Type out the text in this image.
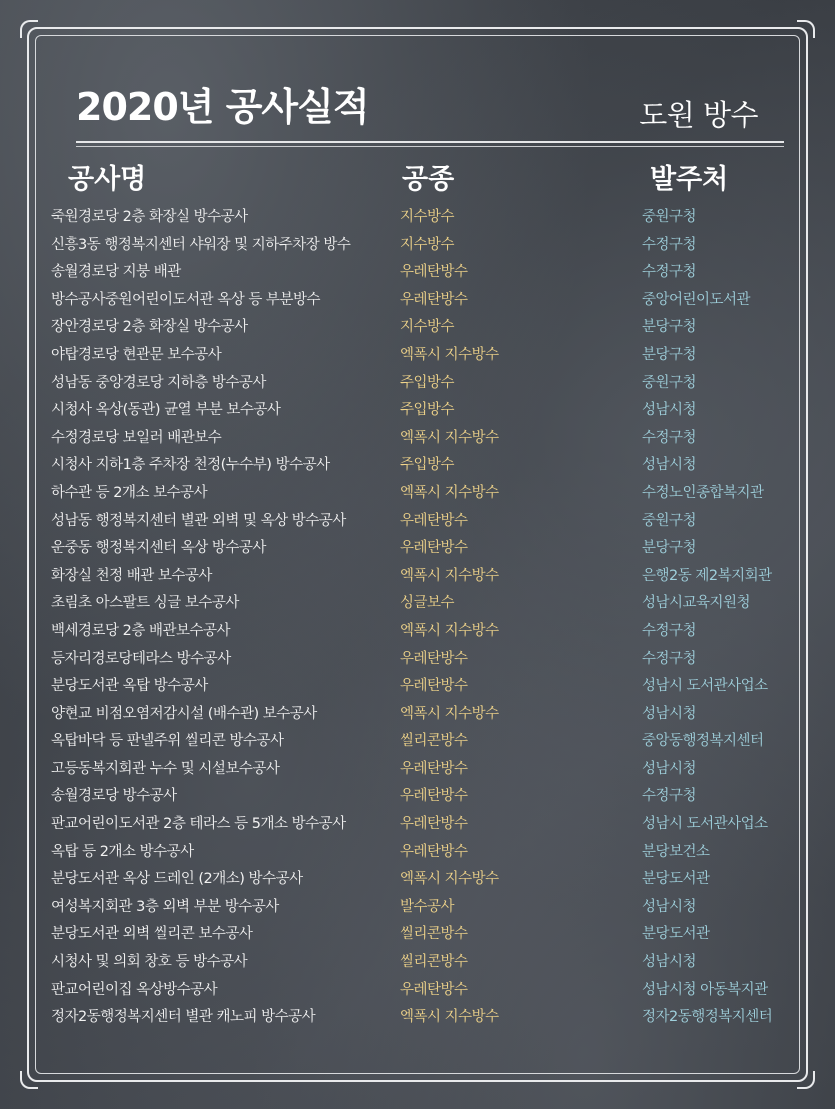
2020년 공사실적	도원 방수
공사명	공종	발주처
죽원경로당 2층 화장실 방수공사	지수방수	중원구청
신흥3동 행정복지센터 샤워장 및 지하주차장 방수	지수방수	수정구청
송월경로당 지붕 배관	우레탄방수	수정구청
방수공사중원어린이도서관 옥상 등 부분방수	우레탄방수	중앙어린이도서관
장안경로당 2층 화장실 방수공사	지수방수	분당구청
야탑경로당 현관문 보수공사	엑폭시 지수방수	분당구청
성남동 중앙경로당 지하층 방수공사	주입방수	중원구청
시청사 옥상(동관) 균열 부분 보수공사	주입방수	성남시청
수정경로당 보일러 배관보수	엑폭시 지수방수	수정구청
시청사 지하1층 주차장 천정(누수부) 방수공사	주입방수	성남시청
하수관 등 2개소 보수공사	엑폭시 지수방수	수정노인종합복지관
성남동 행정복지센터 별관 외벽 및 옥상 방수공사	우레탄방수	중원구청
운중동 행정복지센터 옥상 방수공사	우레탄방수	분당구청
화장실 천정 배관 보수공사	엑폭시 지수방수	은행2동 제2복지회관
초림초 아스팔트 싱글 보수공사	싱글보수	성남시교육지원청
백세경로당 2층 배관보수공사	엑폭시 지수방수	수정구청
등자리경로당테라스 방수공사	우레탄방수	수정구청
분당도서관 옥탑 방수공사	우레탄방수	성남시 도서관사업소
양현교 비점오염저감시설 (배수관) 보수공사	엑폭시 지수방수	성남시청
옥탑바닥 등 판넬주위 씰리콘 방수공사	씰리콘방수	중앙동행정복지센터
고등동복지회관 누수 및 시설보수공사	우레탄방수	성남시청
송월경로당 방수공사	우레탄방수	수정구청
판교어린이도서관 2층 테라스 등 5개소 방수공사	우레탄방수	성남시 도서관사업소
옥탑 등 2개소 방수공사	우레탄방수	분당보건소
분당도서관 옥상 드레인 (2개소) 방수공사	엑폭시 지수방수	분당도서관
여성복지회관 3층 외벽 부분 방수공사	발수공사	성남시청
분당도서관 외벽 씰리콘 보수공사	씰리콘방수	분당도서관
시청사 및 의회 창호 등 방수공사	씰리콘방수	성남시청
판교어린이집 옥상방수공사	우레탄방수	성남시청 아동복지관
정자2동행정복지센터 별관 캐노피 방수공사	엑폭시 지수방수	정자2동행정복지센터
